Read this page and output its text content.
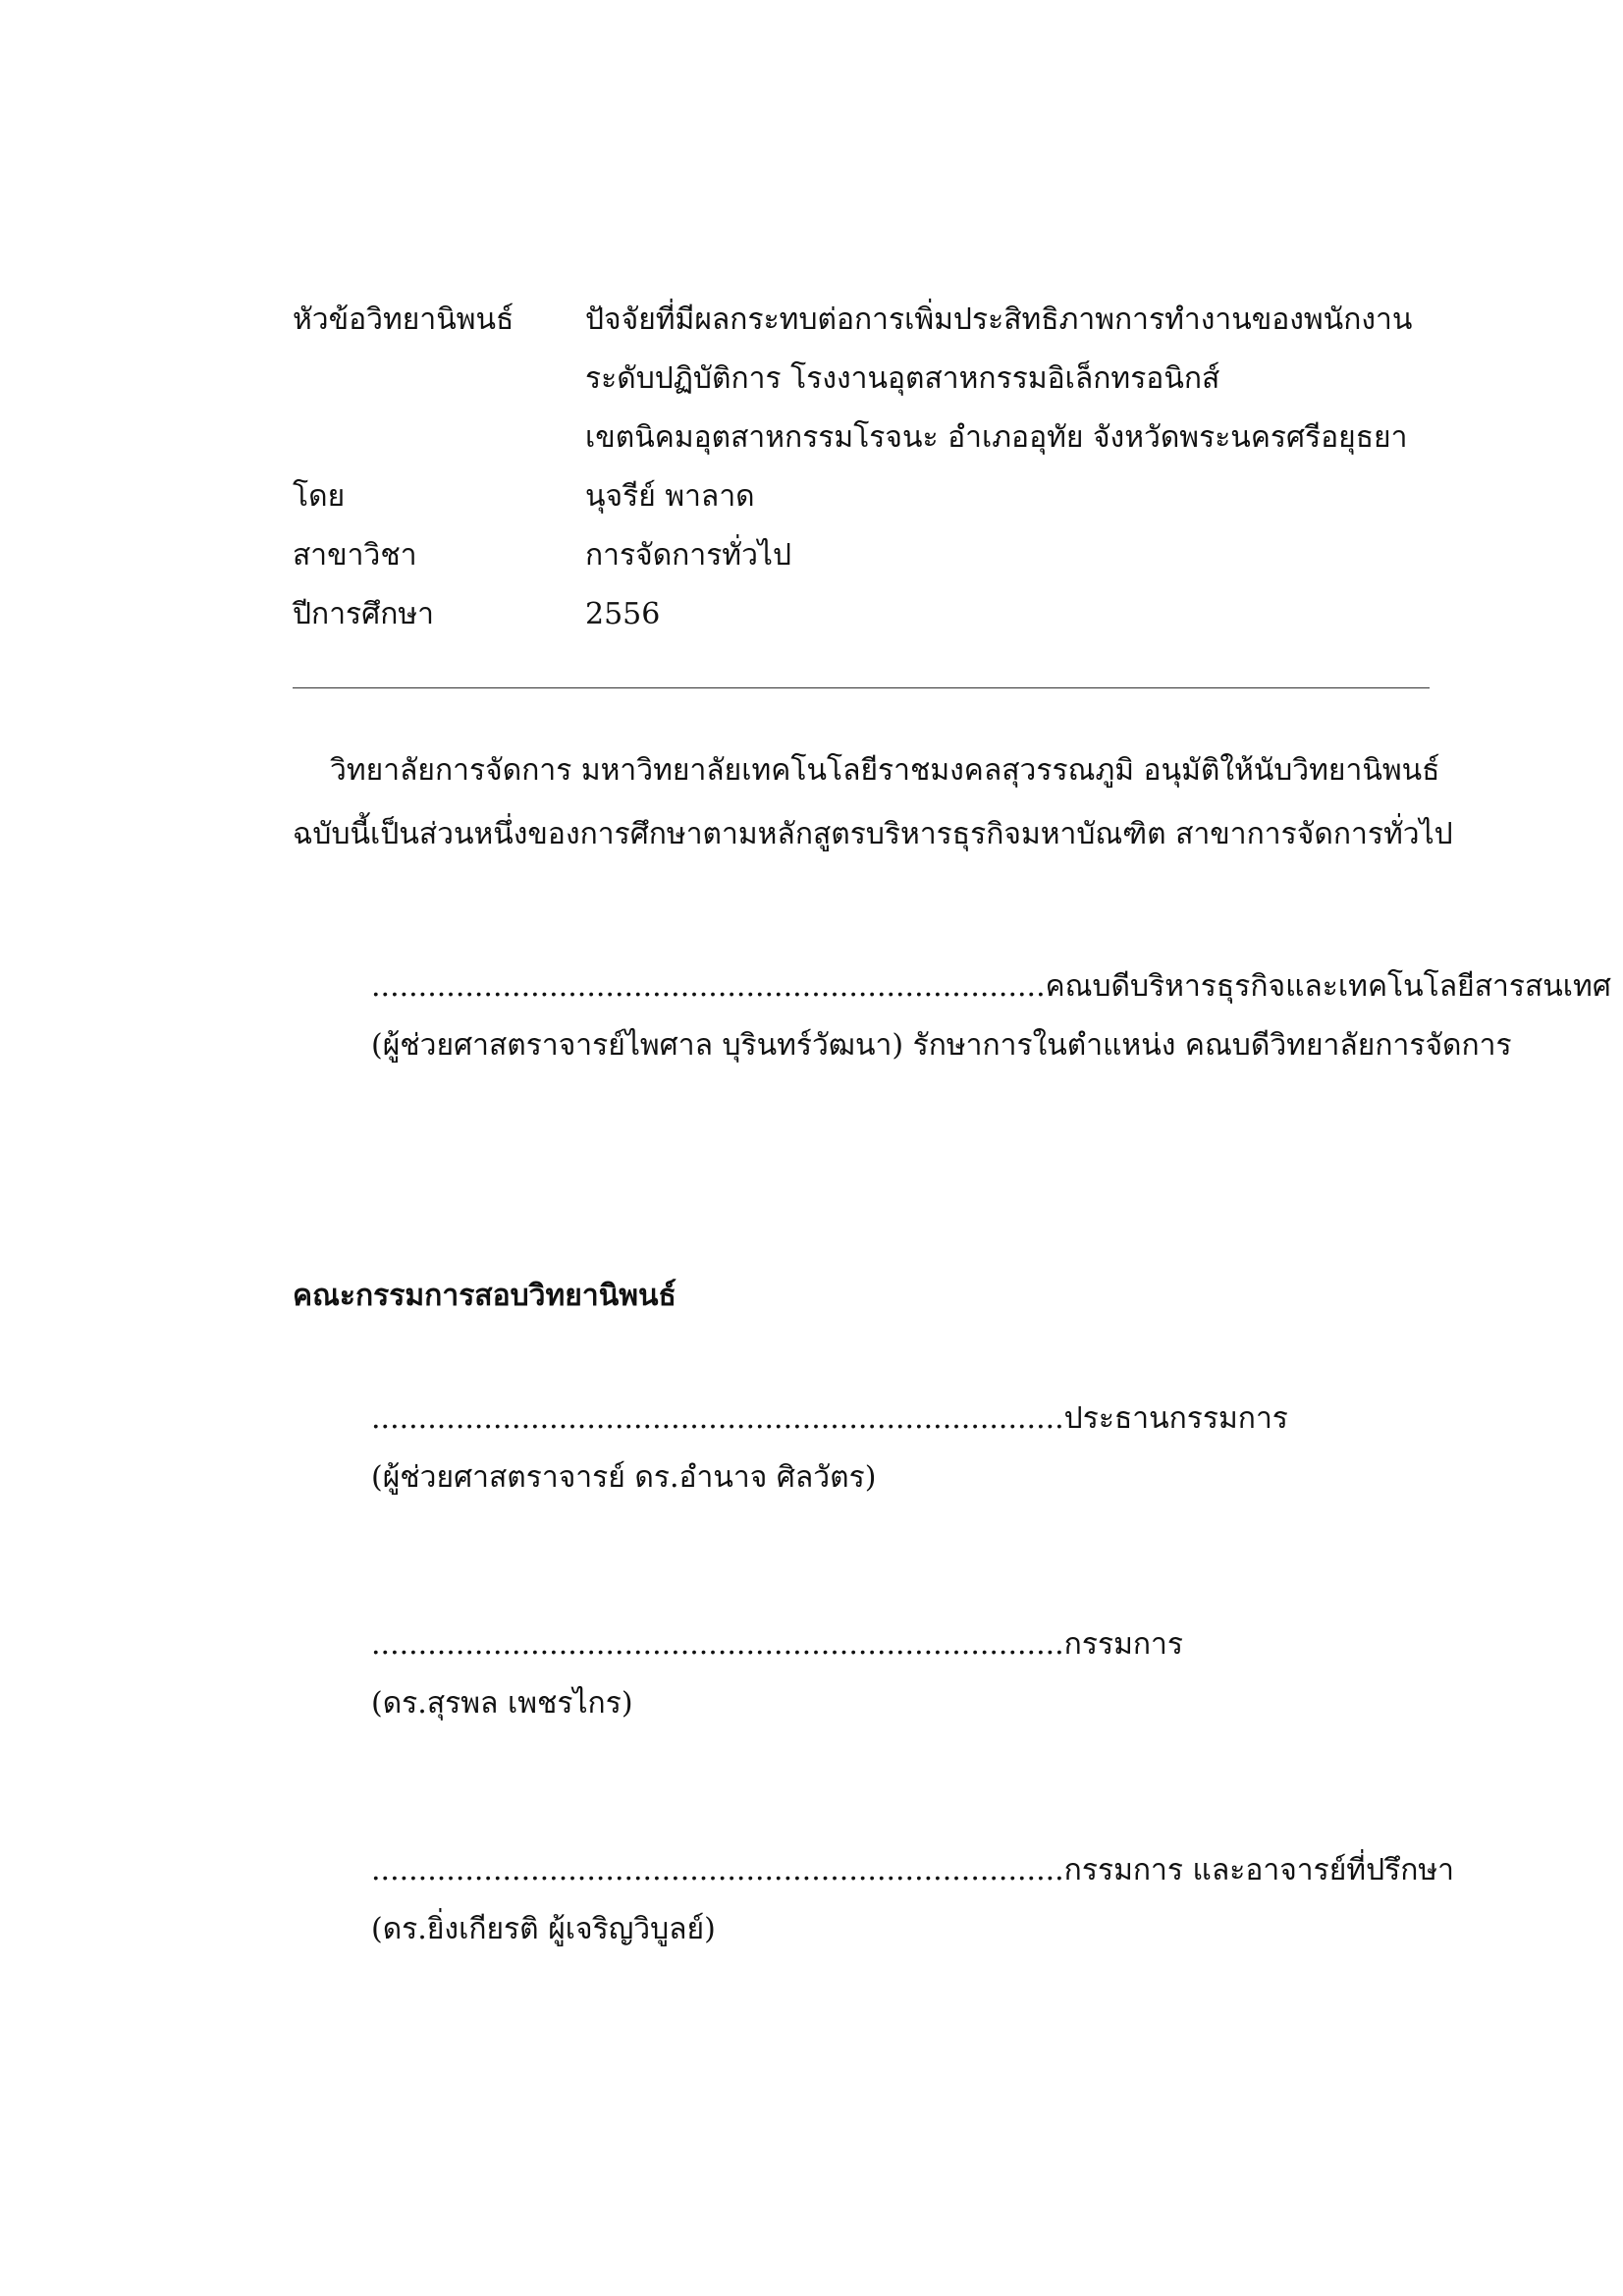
หัวข้อวิทยานิพนธ์ ปัจจัยที่มีผลกระทบต่อการเพิ่มประสิทธิภาพการทำงานของพนักงาน
ระดับปฏิบัติการ โรงงานอุตสาหกรรมอิเล็กทรอนิกส์
เขตนิคมอุตสาหกรรมโรจนะ อำเภออุทัย จังหวัดพระนครศรีอยุธยา
โดย	นุจรีย์ พาลาด
สาขาวิชา	การจัดการทั่วไป
ปีการศึกษา	2556
วิทยาลัยการจัดการ มหาวิทยาลัยเทคโนโลยีราชมงคลสุวรรณภูมิ อนุมัติให้นับวิทยานิพนธ์
ฉบับนี้เป็นส่วนหนึ่งของการศึกษาตามหลักสูตรบริหารธุรกิจมหาบัณฑิต สาขาการจัดการทั่วไป
........................................................................คณบดีบริหารธุรกิจและเทคโนโลยีสารสนเทศ
(ผู้ช่วยศาสตราจารย์ไพศาล บุรินทร์วัฒนา) รักษาการในตำแหน่ง คณบดีวิทยาลัยการจัดการ
คณะกรรมการสอบวิทยานิพนธ์
..........................................................................ประธานกรรมการ
(ผู้ช่วยศาสตราจารย์ ดร.อำนาจ ศิลวัตร)
..........................................................................กรรมการ
(ดร.สุรพล เพชรไกร)
..........................................................................กรรมการ และอาจารย์ที่ปรึกษา
(ดร.ยิ่งเกียรติ ผู้เจริญวิบูลย์)
